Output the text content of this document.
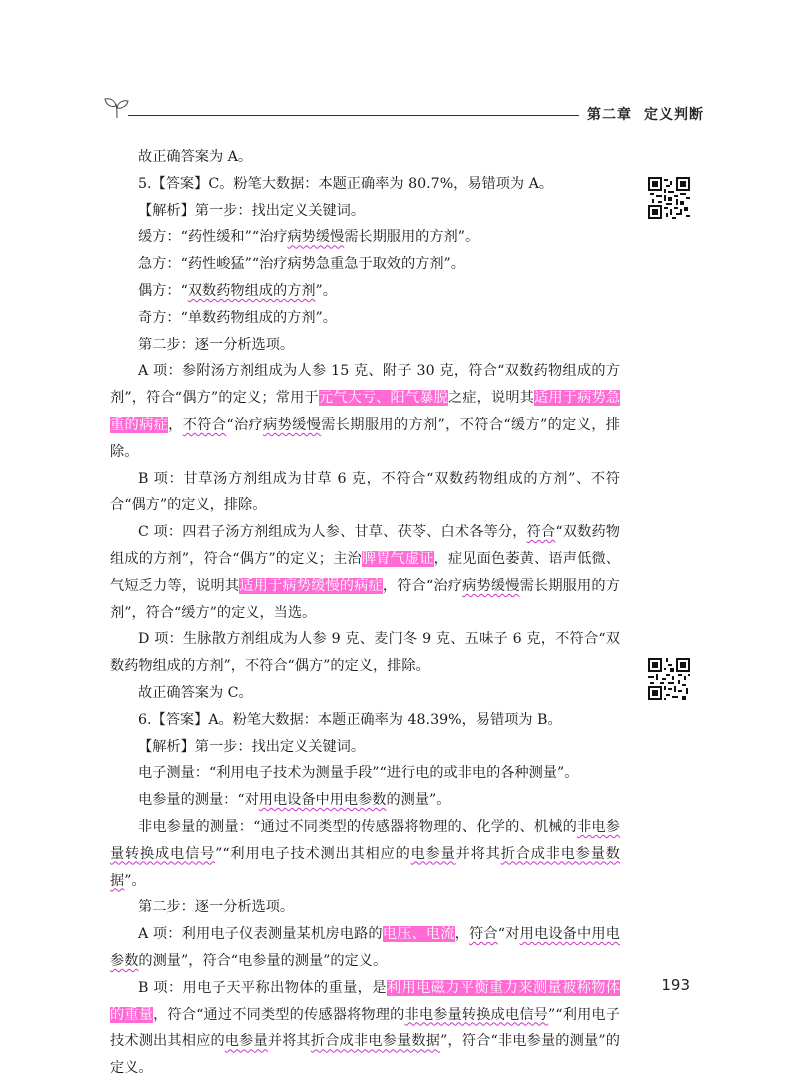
第二章 定义判断

故正确答案为 A。

5.【答案】C。粉笔大数据：本题正确率为 80.7%，易错项为 A。

【解析】第一步：找出定义关键词。

缓方：“药性缓和”“治疗病势缓慢需长期服用的方剂”。

急方：“药性峻猛”“治疗病势急重急于取效的方剂”。

偶方：“双数药物组成的方剂”。

奇方：“单数药物组成的方剂”。

第二步：逐一分析选项。

A 项：参附汤方剂组成为人参 15 克、附子 30 克，符合“双数药物组成的方剂”，符合“偶方”的定义；常用于元气大亏、阳气暴脱之症，说明其适用于病势急重的病症，不符合“治疗病势缓慢需长期服用的方剂”，不符合“缓方”的定义，排除。

B 项：甘草汤方剂组成为甘草 6 克，不符合“双数药物组成的方剂”、不符合“偶方”的定义，排除。

C 项：四君子汤方剂组成为人参、甘草、茯苓、白术各等分，符合“双数药物组成的方剂”，符合“偶方”的定义；主治脾胃气虚证，症见面色萎黄、语声低微、气短乏力等，说明其适用于病势缓慢的病症，符合“治疗病势缓慢需长期服用的方剂”，符合“缓方”的定义，当选。

D 项：生脉散方剂组成为人参 9 克、麦门冬 9 克、五味子 6 克，不符合“双数药物组成的方剂”，不符合“偶方”的定义，排除。

故正确答案为 C。

6.【答案】A。粉笔大数据：本题正确率为 48.39%，易错项为 B。

【解析】第一步：找出定义关键词。

电子测量：“利用电子技术为测量手段”“进行电的或非电的各种测量”。

电参量的测量：“对用电设备中用电参数的测量”。

非电参量的测量：“通过不同类型的传感器将物理的、化学的、机械的非电参量转换成电信号”“利用电子技术测出其相应的电参量并将其折合成非电参量数据”。

第二步：逐一分析选项。

A 项：利用电子仪表测量某机房电路的电压、电流，符合“对用电设备中用电参数的测量”，符合“电参量的测量”的定义。

B 项：用电子天平称出物体的重量，是利用电磁力平衡重力来测量被称物体的重量，符合“通过不同类型的传感器将物理的非电参量转换成电信号”“利用电子技术测出其相应的电参量并将其折合成非电参量数据”，符合“非电参量的测量”的定义。

193
